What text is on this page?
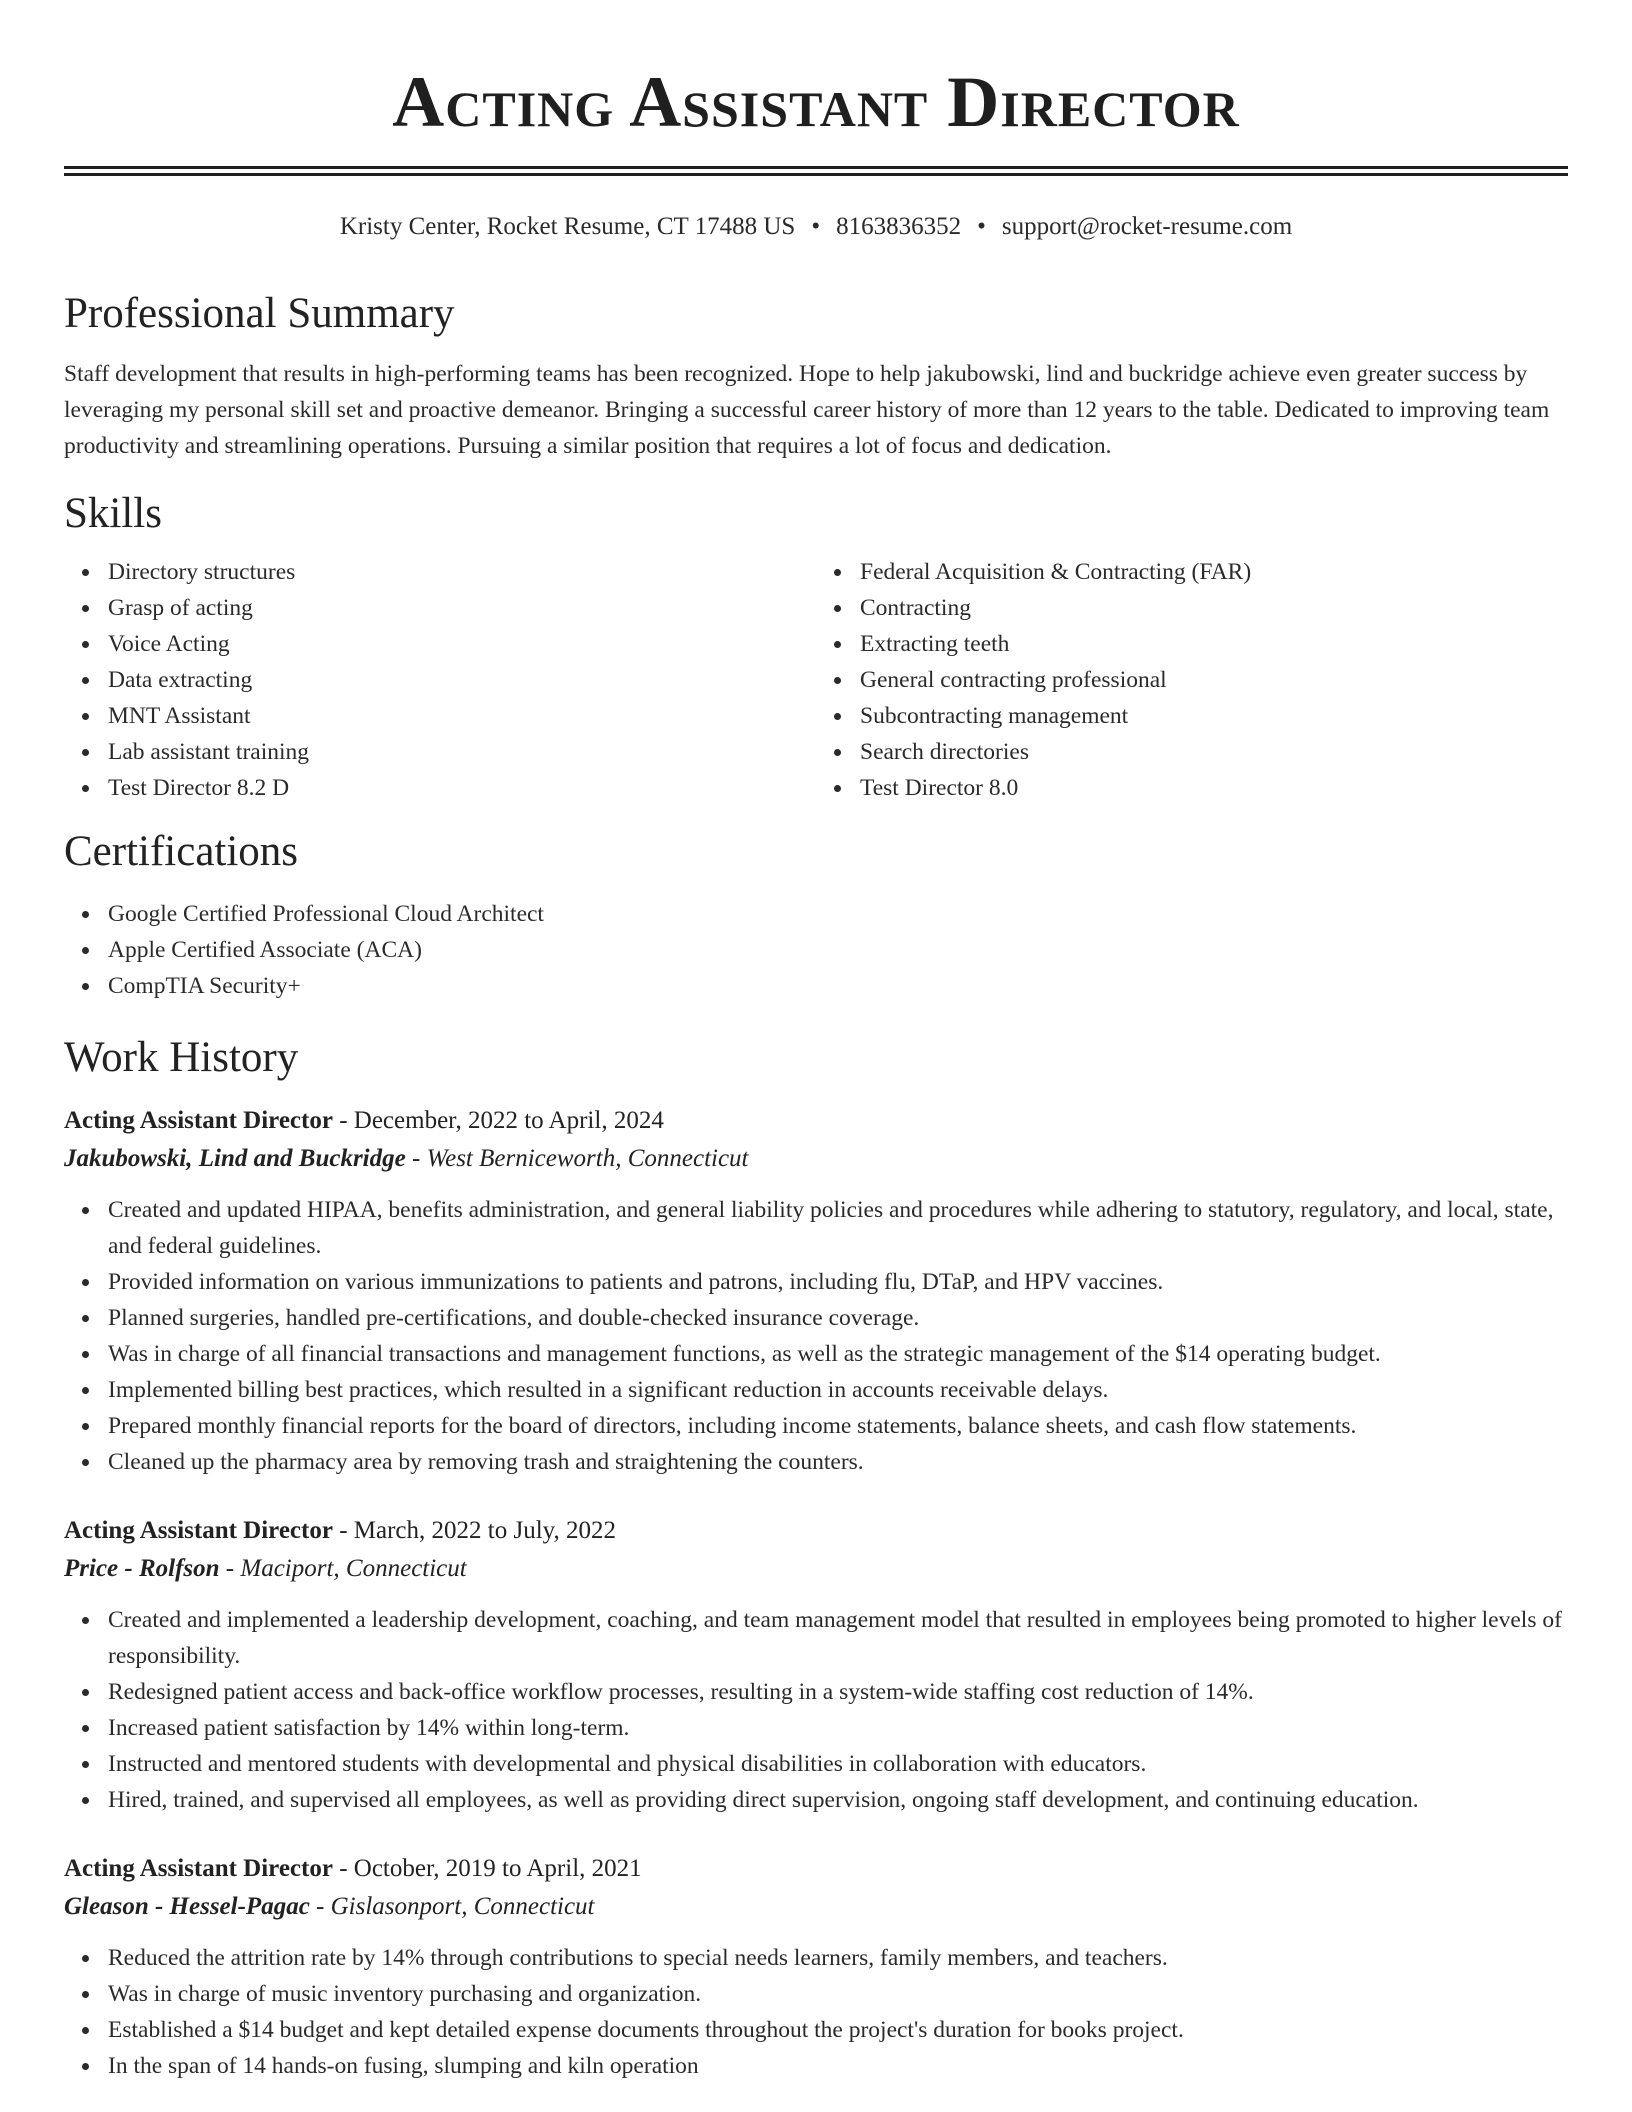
Acting Assistant Director
Kristy Center, Rocket Resume, CT 17488 US • 8163836352 • support@rocket-resume.com
Professional Summary

Staff development that results in high-performing teams has been recognized. Hope to help jakubowski, lind and buckridge achieve even greater success by leveraging my personal skill set and proactive demeanor. Bringing a successful career history of more than 12 years to the table. Dedicated to improving team productivity and streamlining operations. Pursuing a similar position that requires a lot of focus and dedication.

Skills
Directory structures
Grasp of acting
Voice Acting
Data extracting
MNT Assistant
Lab assistant training
Test Director 8.2 D
Federal Acquisition & Contracting (FAR)
Contracting
Extracting teeth
General contracting professional
Subcontracting management
Search directories
Test Director 8.0
Certifications
Google Certified Professional Cloud Architect
Apple Certified Associate (ACA)
CompTIA Security+
Work History
Acting Assistant Director - December, 2022 to April, 2024
Jakubowski, Lind and Buckridge - West Berniceworth, Connecticut
Created and updated HIPAA, benefits administration, and general liability policies and procedures while adhering to statutory, regulatory, and local, state, and federal guidelines.
Provided information on various immunizations to patients and patrons, including flu, DTaP, and HPV vaccines.
Planned surgeries, handled pre-certifications, and double-checked insurance coverage.
Was in charge of all financial transactions and management functions, as well as the strategic management of the $14 operating budget.
Implemented billing best practices, which resulted in a significant reduction in accounts receivable delays.
Prepared monthly financial reports for the board of directors, including income statements, balance sheets, and cash flow statements.
Cleaned up the pharmacy area by removing trash and straightening the counters.
Acting Assistant Director - March, 2022 to July, 2022
Price - Rolfson - Maciport, Connecticut
Created and implemented a leadership development, coaching, and team management model that resulted in employees being promoted to higher levels of responsibility.
Redesigned patient access and back-office workflow processes, resulting in a system-wide staffing cost reduction of 14%.
Increased patient satisfaction by 14% within long-term.
Instructed and mentored students with developmental and physical disabilities in collaboration with educators.
Hired, trained, and supervised all employees, as well as providing direct supervision, ongoing staff development, and continuing education.
Acting Assistant Director - October, 2019 to April, 2021
Gleason - Hessel-Pagac - Gislasonport, Connecticut
Reduced the attrition rate by 14% through contributions to special needs learners, family members, and teachers.
Was in charge of music inventory purchasing and organization.
Established a $14 budget and kept detailed expense documents throughout the project's duration for books project.
In the span of 14 hands-on fusing, slumping and kiln operation
